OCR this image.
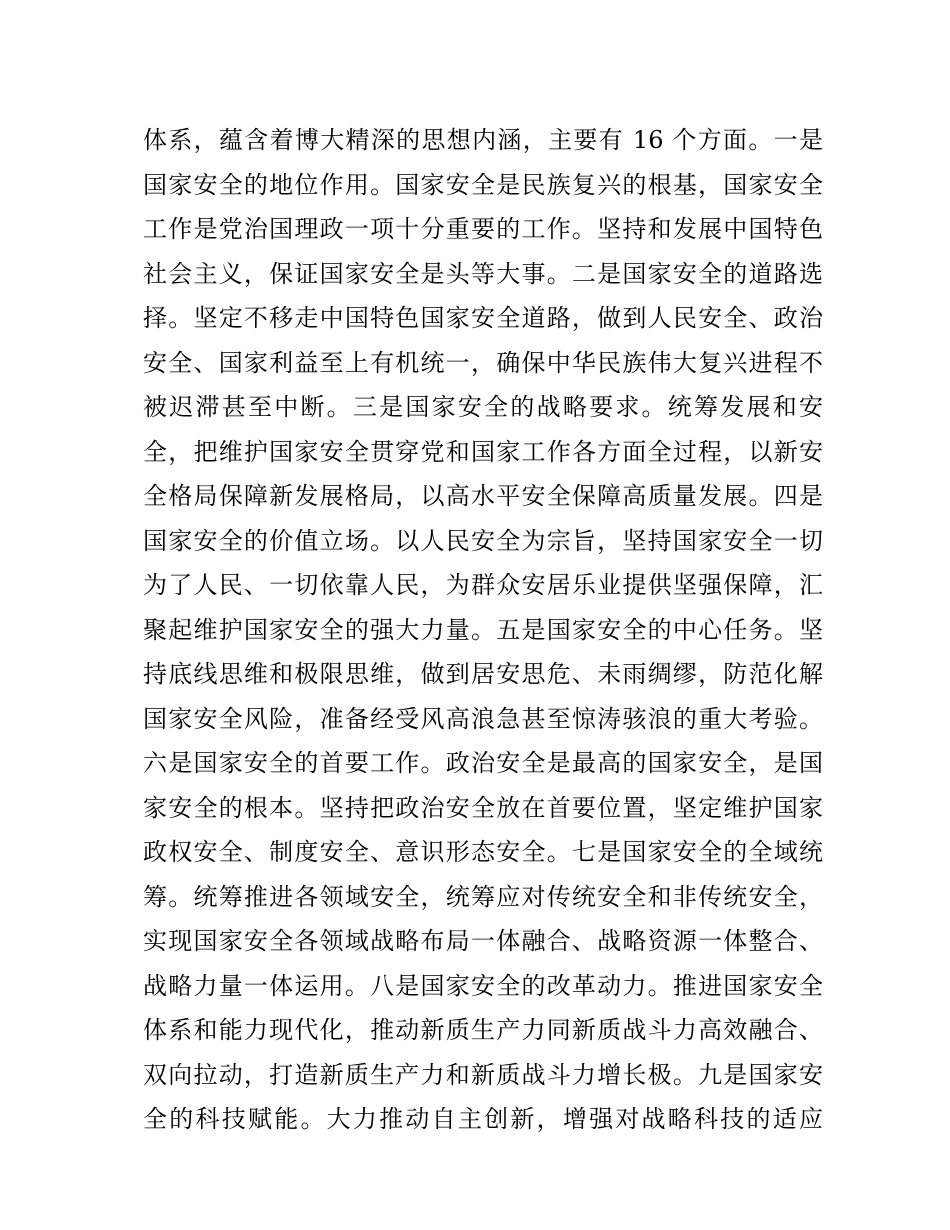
体系，蕴含着博大精深的思想内涵，主要有 16 个方面。一是
国家安全的地位作用。国家安全是民族复兴的根基，国家安全
工作是党治国理政一项十分重要的工作。坚持和发展中国特色
社会主义，保证国家安全是头等大事。二是国家安全的道路选
择。坚定不移走中国特色国家安全道路，做到人民安全、政治
安全、国家利益至上有机统一，确保中华民族伟大复兴进程不
被迟滞甚至中断。三是国家安全的战略要求。统筹发展和安
全，把维护国家安全贯穿党和国家工作各方面全过程，以新安
全格局保障新发展格局，以高水平安全保障高质量发展。四是
国家安全的价值立场。以人民安全为宗旨，坚持国家安全一切
为了人民、一切依靠人民，为群众安居乐业提供坚强保障，汇
聚起维护国家安全的强大力量。五是国家安全的中心任务。坚
持底线思维和极限思维，做到居安思危、未雨绸缪，防范化解
国家安全风险，准备经受风高浪急甚至惊涛骇浪的重大考验。
六是国家安全的首要工作。政治安全是最高的国家安全，是国
家安全的根本。坚持把政治安全放在首要位置，坚定维护国家
政权安全、制度安全、意识形态安全。七是国家安全的全域统
筹。统筹推进各领域安全，统筹应对传统安全和非传统安全，
实现国家安全各领域战略布局一体融合、战略资源一体整合、
战略力量一体运用。八是国家安全的改革动力。推进国家安全
体系和能力现代化，推动新质生产力同新质战斗力高效融合、
双向拉动，打造新质生产力和新质战斗力增长极。九是国家安
全的科技赋能。大力推动自主创新，增强对战略科技的适应
